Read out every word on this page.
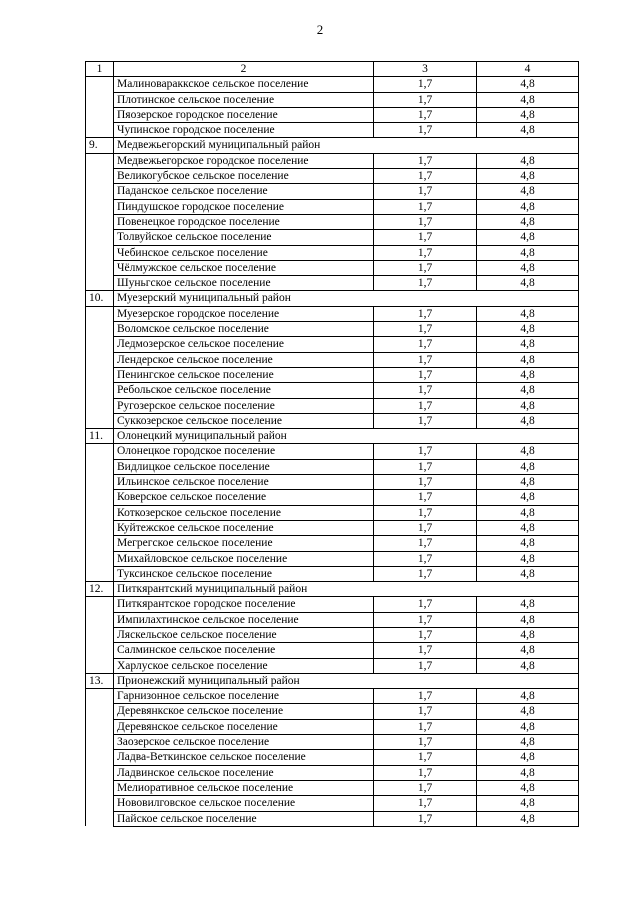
2
1	2	3	4
	Малиновараккское сельское поселение	1,7	4,8
	Плотинское сельское поселение	1,7	4,8
	Пяозерское городское поселение	1,7	4,8
	Чупинское городское поселение	1,7	4,8
9.	Медвежьегорский муниципальный район		
	Медвежьегорское городское поселение	1,7	4,8
	Великогубское сельское поселение	1,7	4,8
	Паданское сельское поселение	1,7	4,8
	Пиндушское городское поселение	1,7	4,8
	Повенецкое городское поселение	1,7	4,8
	Толвуйское сельское поселение	1,7	4,8
	Чебинское сельское поселение	1,7	4,8
	Чёлмужское сельское поселение	1,7	4,8
	Шуньгское сельское поселение	1,7	4,8
10.	Муезерский муниципальный район		
	Муезерское городское поселение	1,7	4,8
	Воломское сельское поселение	1,7	4,8
	Ледмозерское сельское поселение	1,7	4,8
	Лендерское сельское поселение	1,7	4,8
	Пенингское сельское поселение	1,7	4,8
	Ребольское сельское поселение	1,7	4,8
	Ругозерское сельское поселение	1,7	4,8
	Суккозерское сельское поселение	1,7	4,8
11.	Олонецкий муниципальный район		
	Олонецкое городское поселение	1,7	4,8
	Видлицкое сельское поселение	1,7	4,8
	Ильинское сельское поселение	1,7	4,8
	Коверское сельское поселение	1,7	4,8
	Коткозерское сельское поселение	1,7	4,8
	Куйтежское сельское поселение	1,7	4,8
	Мегрегское сельское поселение	1,7	4,8
	Михайловское сельское поселение	1,7	4,8
	Туксинское сельское поселение	1,7	4,8
12.	Питкярантский муниципальный район		
	Питкярантское городское поселение	1,7	4,8
	Импилахтинское сельское поселение	1,7	4,8
	Ляскельское сельское поселение	1,7	4,8
	Салминское сельское поселение	1,7	4,8
	Харлуское сельское поселение	1,7	4,8
13.	Прионежский муниципальный район		
	Гарнизонное сельское поселение	1,7	4,8
	Деревянкское сельское поселение	1,7	4,8
	Деревянское сельское поселение	1,7	4,8
	Заозерское сельское поселение	1,7	4,8
	Ладва-Веткинское сельское поселение	1,7	4,8
	Ладвинское сельское поселение	1,7	4,8
	Мелиоративное сельское поселение	1,7	4,8
	Нововилговское сельское поселение	1,7	4,8
	Пайское сельское поселение	1,7	4,8
